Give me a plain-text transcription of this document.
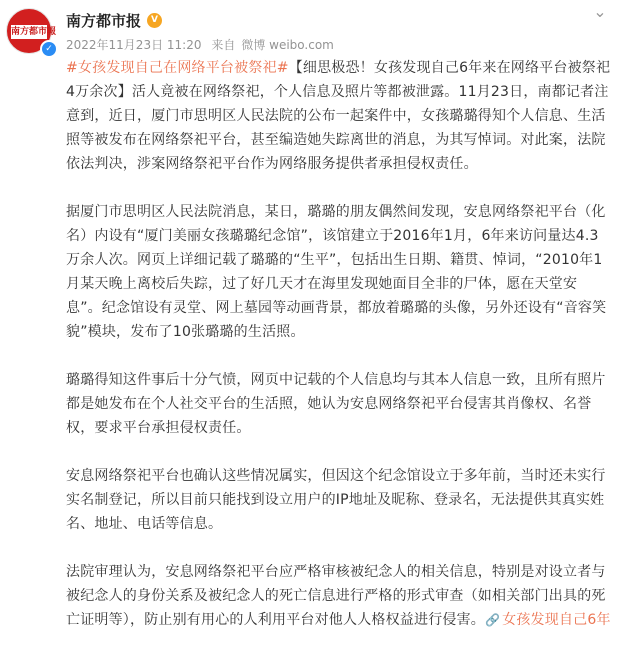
南方都市報
✓
南方都市报	V
2022年11月23日 11:20 来自 微博 weibo.com
⌄

#女孩发现自己在网络平台被祭祀#【细思极恐！女孩发现自己6年来在网络平台被祭祀4万余次】活人竟被在网络祭祀，个人信息及照片等都被泄露。11月23日，南都记者注意到，近日，厦门市思明区人民法院的公布一起案件中，女孩璐璐得知个人信息、生活照等被发布在网络祭祀平台，甚至编造她失踪离世的消息，为其写悼词。对此案，法院依法判决，涉案网络祭祀平台作为网络服务提供者承担侵权责任。

据厦门市思明区人民法院消息，某日，璐璐的朋友偶然间发现，安息网络祭祀平台（化名）内设有“厦门美丽女孩璐璐纪念馆”，该馆建立于2016年1月，6年来访问量达4.3万余人次。网页上详细记载了璐璐的“生平”，包括出生日期、籍贯、悼词，“2010年1月某天晚上离校后失踪，过了好几天才在海里发现她面目全非的尸体，愿在天堂安息”。纪念馆设有灵堂、网上墓园等动画背景，都放着璐璐的头像，另外还设有“音容笑貌”模块，发布了10张璐璐的生活照。

璐璐得知这件事后十分气愤，网页中记载的个人信息均与其本人信息一致，且所有照片都是她发布在个人社交平台的生活照，她认为安息网络祭祀平台侵害其肖像权、名誉权，要求平台承担侵权责任。

安息网络祭祀平台也确认这些情况属实，但因这个纪念馆设立于多年前，当时还未实行实名制登记，所以目前只能找到设立用户的IP地址及昵称、登录名，无法提供其真实姓名、地址、电话等信息。

法院审理认为，安息网络祭祀平台应严格审核被纪念人的相关信息，特别是对设立者与被纪念人的身份关系及被纪念人的死亡信息进行严格的形式审查（如相关部门出具的死亡证明等），防止别有用心的人利用平台对他人人格权益进行侵害。🔗 女孩发现自己6年
